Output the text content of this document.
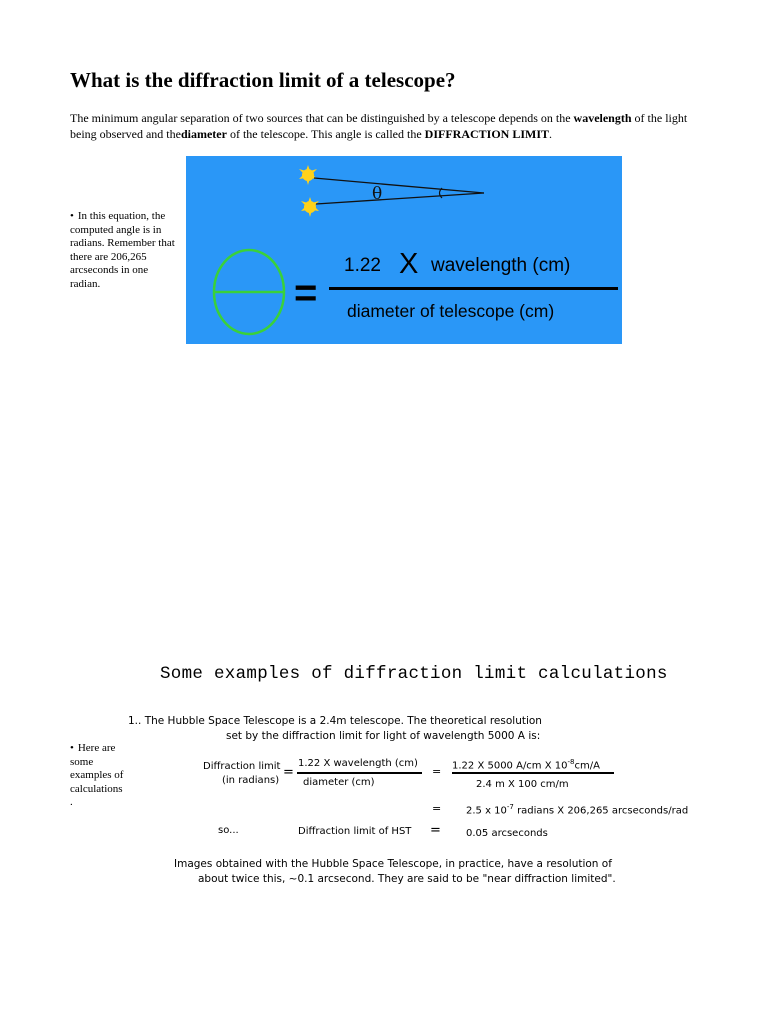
What is the diffraction limit of a telescope?
The minimum angular separation of two sources that can be distinguished by a telescope depends on the wavelength of the light being observed and thediameter of the telescope. This angle is called the DIFFRACTION LIMIT.
• In this equation, the
computed angle is in
radians. Remember that
there are 206,265
arcseconds in one
radian.
θ
1.22 X wavelength (cm)
= diameter of telescope (cm)
Some examples of diffraction limit calculations
• Here are
some
examples of
calculations
.
1.. The Hubble Space Telescope is a 2.4m telescope. The theoretical resolution
set by the diffraction limit for light of wavelength 5000 A is:
Diffraction limit
(in radians)
=
1.22 X wavelength (cm)
diameter (cm)
= 1.22 X 5000 A/cm X $10^{-8}cm/A$
2.4 m X 100 cm/m
= 2.5 x $10^{-7}$ radians X 206,265 arcseconds/rad
so...	Diffraction limit of HST =	0.05 arcseconds
Images obtained with the Hubble Space Telescope, in practice, have a resolution of
about twice this, ~0.1 arcsecond. They are said to be "near diffraction limited".
